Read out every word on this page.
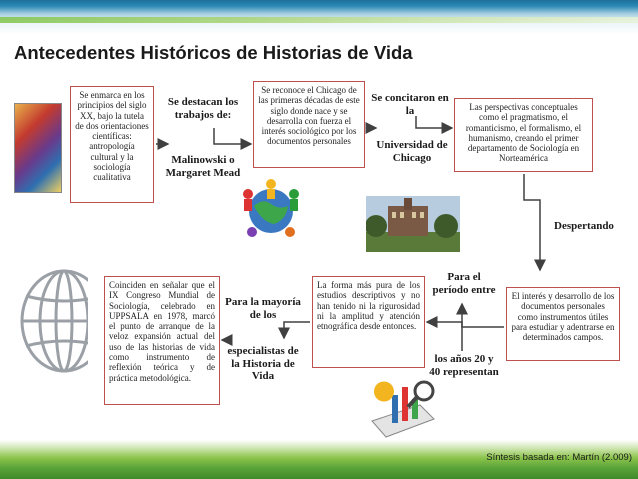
Antecedentes Históricos de Historias de Vida
Se enmarca en los principios del siglo XX, bajo la tutela de dos orientaciones científicas: antropología cultural y la sociología cualitativa
Se reconoce el Chicago de las primeras décadas de este siglo donde nace y se desarrolla con fuerza el interés sociológico por los documentos personales
Las perspectivas conceptuales como el pragmatismo, el romanticismo, el formalismo, el humanismo, creando el primer departamento de Sociología en Norteamérica
El interés y desarrollo de los documentos personales como instrumentos útiles para estudiar y adentrarse en determinados campos.
La forma más pura de los estudios descriptivos y no han tenido ni la rigurosidad ni la amplitud y atención etnográfica desde entonces.
Coinciden en señalar que el IX Congreso Mundial de Sociología, celebrado en UPPSALA en 1978, marcó el punto de arranque de la veloz expansión actual del uso de las historias de vida como instrumento de reflexión teórica y de práctica metodológica.
Se destacan los trabajos de:
Malinowski o Margaret Mead
Se concitaron en la
Universidad de Chicago
Despertando
Para el período entre
los años 20 y 40 representan
Para la mayoría de los
especialistas de la Historia de Vida
Síntesis basada en: Martín (2.009)
